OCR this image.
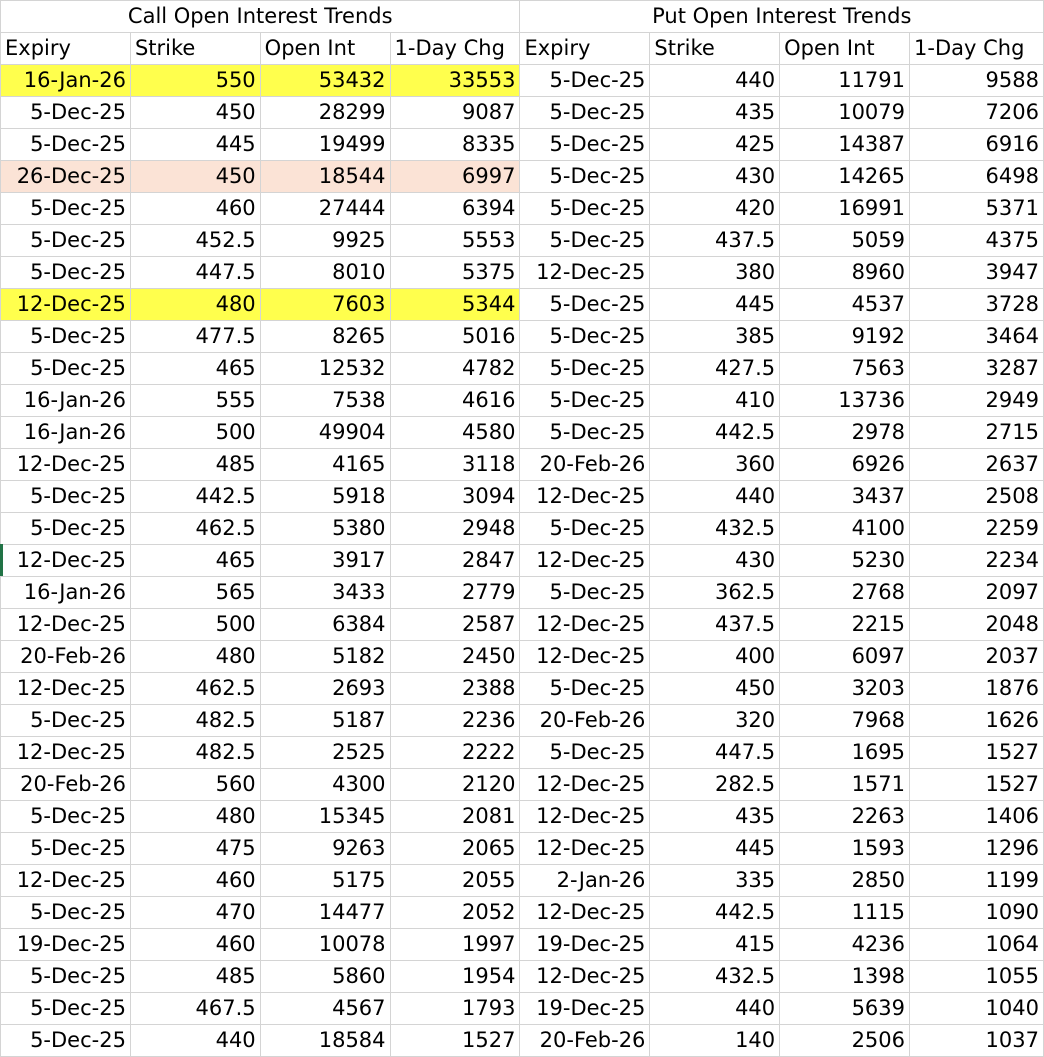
Call Open Interest Trends				Put Open Interest Trends			
Expiry	Strike	Open Int	1-Day Chg	Expiry	Strike	Open Int	1-Day Chg
16-Jan-26	550	53432	33553	5-Dec-25	440	11791	9588
5-Dec-25	450	28299	9087	5-Dec-25	435	10079	7206
5-Dec-25	445	19499	8335	5-Dec-25	425	14387	6916
26-Dec-25	450	18544	6997	5-Dec-25	430	14265	6498
5-Dec-25	460	27444	6394	5-Dec-25	420	16991	5371
5-Dec-25	452.5	9925	5553	5-Dec-25	437.5	5059	4375
5-Dec-25	447.5	8010	5375	12-Dec-25	380	8960	3947
12-Dec-25	480	7603	5344	5-Dec-25	445	4537	3728
5-Dec-25	477.5	8265	5016	5-Dec-25	385	9192	3464
5-Dec-25	465	12532	4782	5-Dec-25	427.5	7563	3287
16-Jan-26	555	7538	4616	5-Dec-25	410	13736	2949
16-Jan-26	500	49904	4580	5-Dec-25	442.5	2978	2715
12-Dec-25	485	4165	3118	20-Feb-26	360	6926	2637
5-Dec-25	442.5	5918	3094	12-Dec-25	440	3437	2508
5-Dec-25	462.5	5380	2948	5-Dec-25	432.5	4100	2259
12-Dec-25	465	3917	2847	12-Dec-25	430	5230	2234
16-Jan-26	565	3433	2779	5-Dec-25	362.5	2768	2097
12-Dec-25	500	6384	2587	12-Dec-25	437.5	2215	2048
20-Feb-26	480	5182	2450	12-Dec-25	400	6097	2037
12-Dec-25	462.5	2693	2388	5-Dec-25	450	3203	1876
5-Dec-25	482.5	5187	2236	20-Feb-26	320	7968	1626
12-Dec-25	482.5	2525	2222	5-Dec-25	447.5	1695	1527
20-Feb-26	560	4300	2120	12-Dec-25	282.5	1571	1527
5-Dec-25	480	15345	2081	12-Dec-25	435	2263	1406
5-Dec-25	475	9263	2065	12-Dec-25	445	1593	1296
12-Dec-25	460	5175	2055	2-Jan-26	335	2850	1199
5-Dec-25	470	14477	2052	12-Dec-25	442.5	1115	1090
19-Dec-25	460	10078	1997	19-Dec-25	415	4236	1064
5-Dec-25	485	5860	1954	12-Dec-25	432.5	1398	1055
5-Dec-25	467.5	4567	1793	19-Dec-25	440	5639	1040
5-Dec-25	440	18584	1527	20-Feb-26	140	2506	1037
